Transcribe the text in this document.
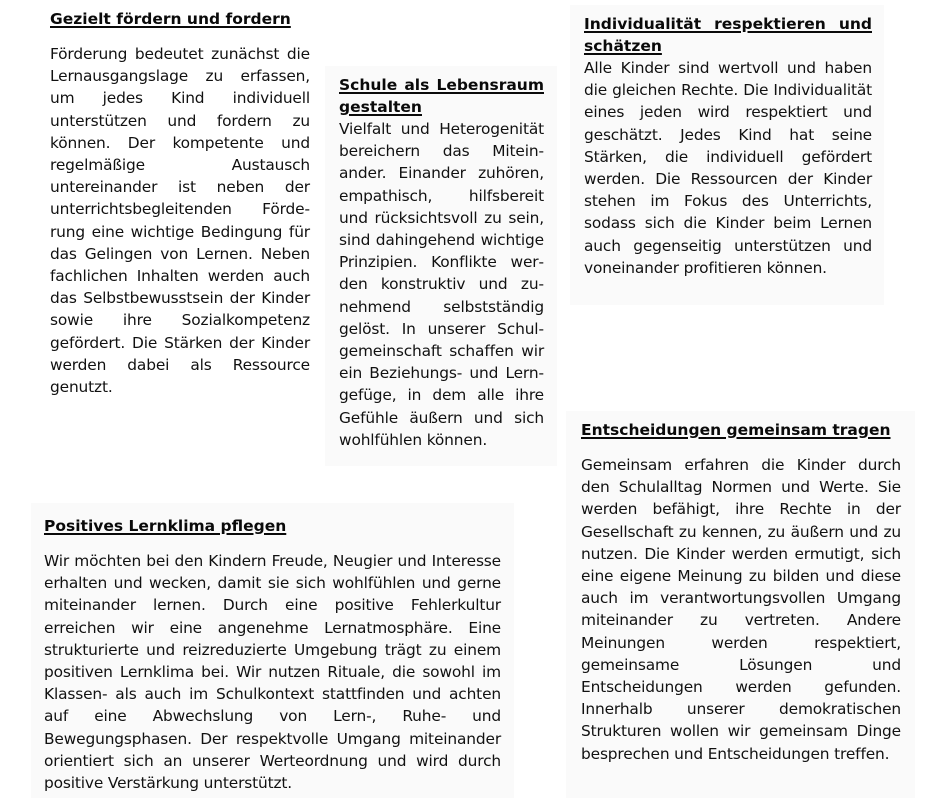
Gezielt fördern und fordern

Förderung bedeutet zunächst die Lernausgangslage zu erfassen, um jedes Kind individuell unterstützen und fordern zu können. Der kompetente und regelmäßige Austausch untereinander ist neben der unterrichtsbegleitenden Förderung eine wichtige Bedingung für das Gelingen von Lernen. Neben fachlichen Inhalten werden auch das Selbstbewusstsein der Kinder sowie ihre Sozialkompetenz gefördert. Die Stärken der Kinder werden dabei als Ressource genutzt.

Schule als Lebensraum gestalten

Vielfalt und Heterogenität bereichern das Miteinander. Einander zuhören, empathisch, hilfsbereit und rücksichtsvoll zu sein, sind dahingehend wichtige Prinzipien. Konflikte werden konstruktiv und zunehmend selbstständig gelöst. In unserer Schulgemeinschaft schaffen wir ein Beziehungs- und Lerngefüge, in dem alle ihre Gefühle äußern und sich wohlfühlen können.

Individualität respektieren und schätzen

Alle Kinder sind wertvoll und haben die gleichen Rechte. Die Individualität eines jeden wird respektiert und geschätzt. Jedes Kind hat seine Stärken, die individuell gefördert werden. Die Ressourcen der Kinder stehen im Fokus des Unterrichts, sodass sich die Kinder beim Lernen auch gegenseitig unterstützen und voneinander profitieren können.

Positives Lernklima pflegen

Wir möchten bei den Kindern Freude, Neugier und Interesse erhalten und wecken, damit sie sich wohlfühlen und gerne miteinander lernen. Durch eine positive Fehlerkultur erreichen wir eine angenehme Lernatmosphäre. Eine strukturierte und reizreduzierte Umgebung trägt zu einem positiven Lernklima bei. Wir nutzen Rituale, die sowohl im Klassen- als auch im Schulkontext stattfinden und achten auf eine Abwechslung von Lern-, Ruhe- und Bewegungsphasen. Der respektvolle Umgang miteinander orientiert sich an unserer Werteordnung und wird durch positive Verstärkung unterstützt.

Entscheidungen gemeinsam tragen

Gemeinsam erfahren die Kinder durch den Schulalltag Normen und Werte. Sie werden befähigt, ihre Rechte in der Gesellschaft zu kennen, zu äußern und zu nutzen. Die Kinder werden ermutigt, sich eine eigene Meinung zu bilden und diese auch im verantwortungsvollen Umgang miteinander zu vertreten. Andere Meinungen werden respektiert, gemeinsame Lösungen und Entscheidungen werden gefunden. Innerhalb unserer demokratischen Strukturen wollen wir gemeinsam Dinge besprechen und Entscheidungen treffen.
